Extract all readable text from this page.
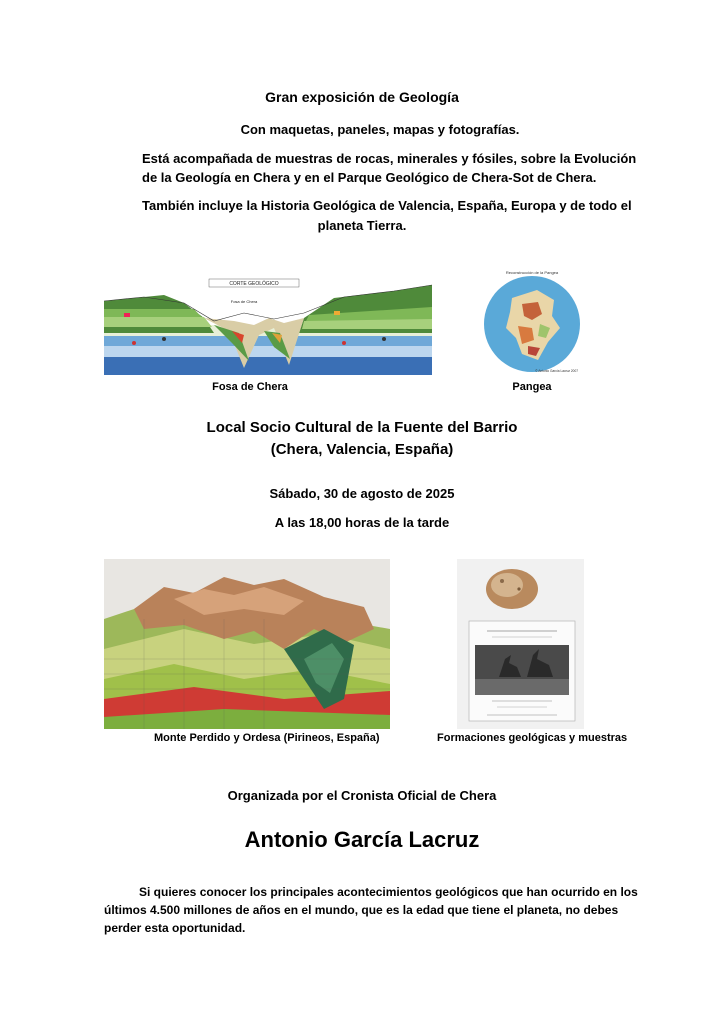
Gran exposición de Geología
Con maquetas, paneles, mapas y fotografías.
Está acompañada de muestras de rocas, minerales y fósiles, sobre la Evolución
de la Geología en Chera y en el Parque Geológico de Chera-Sot de Chera.
También incluye la Historia Geológica de Valencia, España, Europa y de todo el
planeta Tierra.
CORTE GEOLÓGICO
Fosa de Chera
Fosa de Chera
Reconstrucción de la Pangea
© Antonio García Lacruz 2007
Pangea
Local Socio Cultural de la Fuente del Barrio
(Chera, Valencia, España)
Sábado, 30 de agosto de 2025
A las 18,00 horas de la tarde
Monte Perdido y Ordesa (Pirineos, España)	Formaciones geológicas y muestras
Organizada por el Cronista Oficial de Chera
Antonio García Lacruz
Si quieres conocer los principales acontecimientos geológicos que han ocurrido en los
últimos 4.500 millones de años en el mundo, que es la edad que tiene el planeta, no debes
perder esta oportunidad.
